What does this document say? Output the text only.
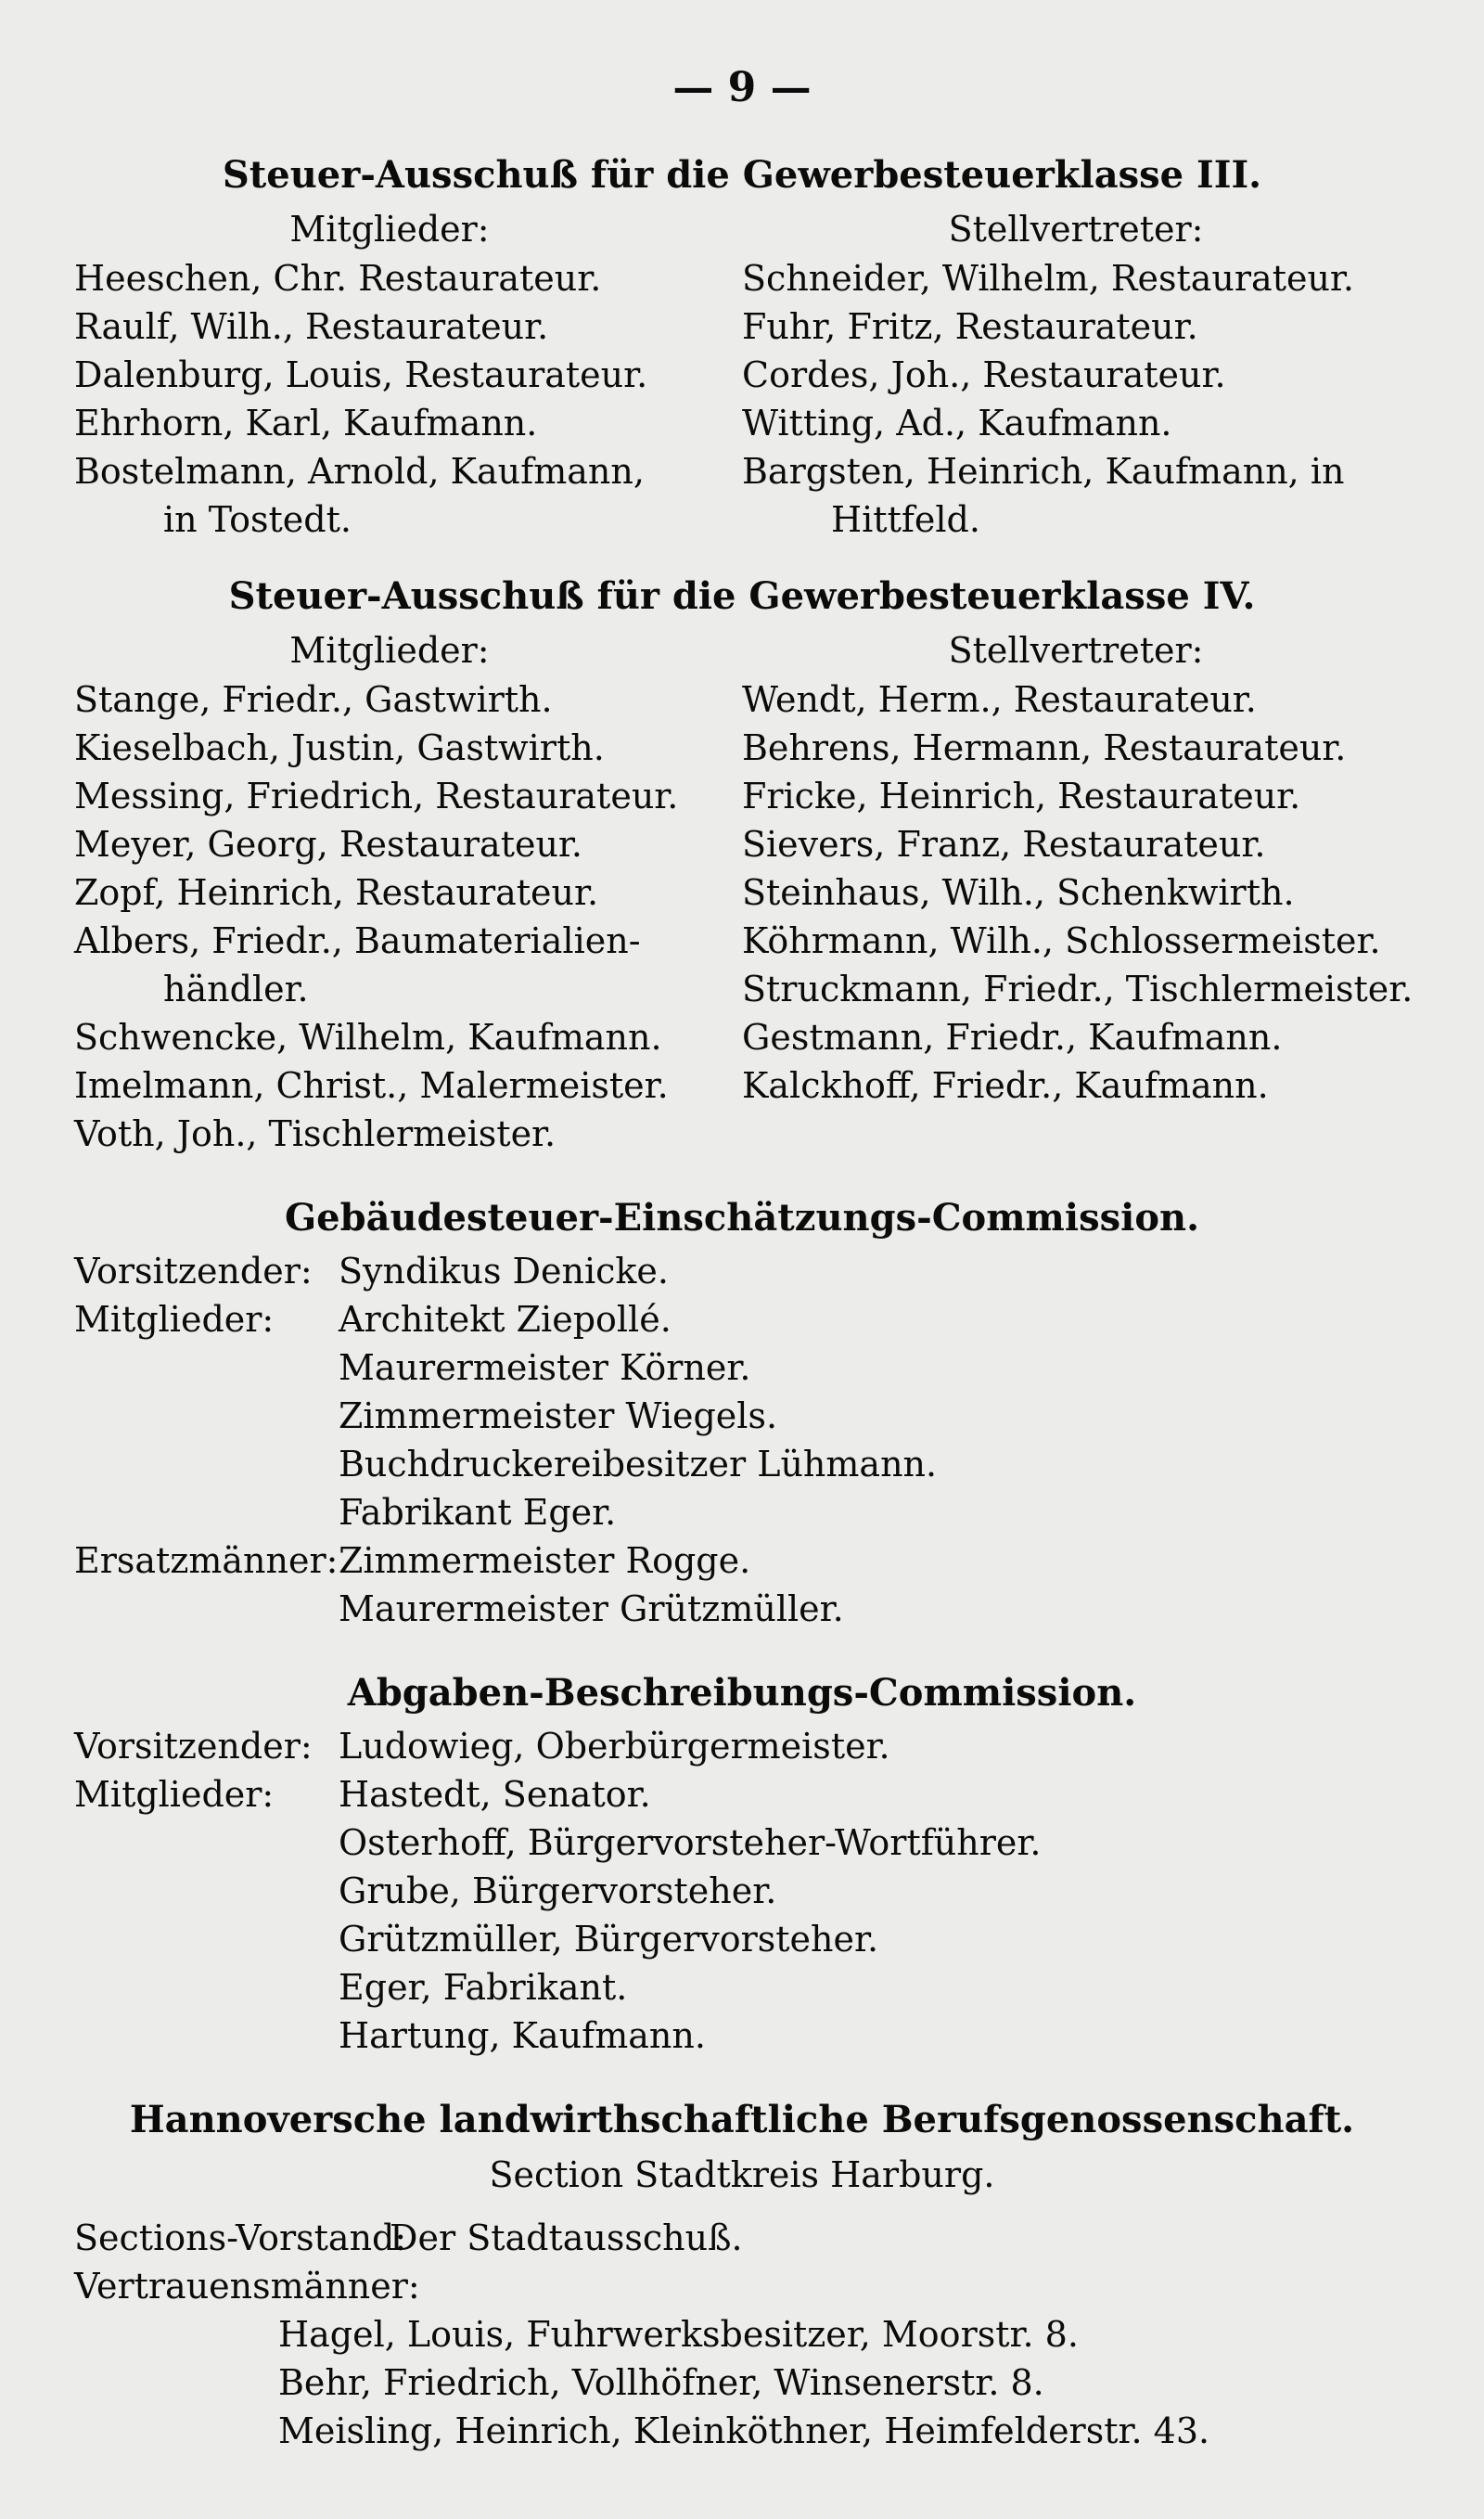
— 9 —
Steuer-Ausschuß für die Gewerbesteuerklasse III.
Mitglieder:
Heeschen, Chr. Restaurateur.
Raulf, Wilh., Restaurateur.
Dalenburg, Louis, Restaurateur.
Ehrhorn, Karl, Kaufmann.
Bostelmann, Arnold, Kaufmann,
in Tostedt.
Stellvertreter:
Schneider, Wilhelm, Restaurateur.
Fuhr, Fritz, Restaurateur.
Cordes, Joh., Restaurateur.
Witting, Ad., Kaufmann.
Bargsten, Heinrich, Kaufmann, in
Hittfeld.
Steuer-Ausschuß für die Gewerbesteuerklasse IV.
Mitglieder:
Stange, Friedr., Gastwirth.
Kieselbach, Justin, Gastwirth.
Messing, Friedrich, Restaurateur.
Meyer, Georg, Restaurateur.
Zopf, Heinrich, Restaurateur.
Albers, Friedr., Baumaterialien-
händler.
Schwencke, Wilhelm, Kaufmann.
Imelmann, Christ., Malermeister.
Voth, Joh., Tischlermeister.
Stellvertreter:
Wendt, Herm., Restaurateur.
Behrens, Hermann, Restaurateur.
Fricke, Heinrich, Restaurateur.
Sievers, Franz, Restaurateur.
Steinhaus, Wilh., Schenkwirth.
Köhrmann, Wilh., Schlossermeister.
Struckmann, Friedr., Tischlermeister.
Gestmann, Friedr., Kaufmann.
Kalckhoff, Friedr., Kaufmann.
Gebäudesteuer-Einschätzungs-Commission.
Vorsitzender: Syndikus Denicke.
Mitglieder:	Architekt Ziepollé.
Maurermeister Körner.
Zimmermeister Wiegels.
Buchdruckereibesitzer Lühmann.
Fabrikant Eger.
Ersatzmänner: Zimmermeister Rogge.
Maurermeister Grützmüller.
Abgaben-Beschreibungs-Commission.
Vorsitzender: Ludowieg, Oberbürgermeister.
Mitglieder:	Hastedt, Senator.
Osterhoff, Bürgervorsteher-Wortführer.
Grube, Bürgervorsteher.
Grützmüller, Bürgervorsteher.
Eger, Fabrikant.
Hartung, Kaufmann.
Hannoversche landwirthschaftliche Berufsgenossenschaft.
Section Stadtkreis Harburg.
Sections-Vorstand:
Der Stadtausschuß.
Vertrauensmänner:
Hagel, Louis, Fuhrwerksbesitzer, Moorstr. 8.
Behr, Friedrich, Vollhöfner, Winsenerstr. 8.
Meisling, Heinrich, Kleinköthner, Heimfelderstr. 43.
